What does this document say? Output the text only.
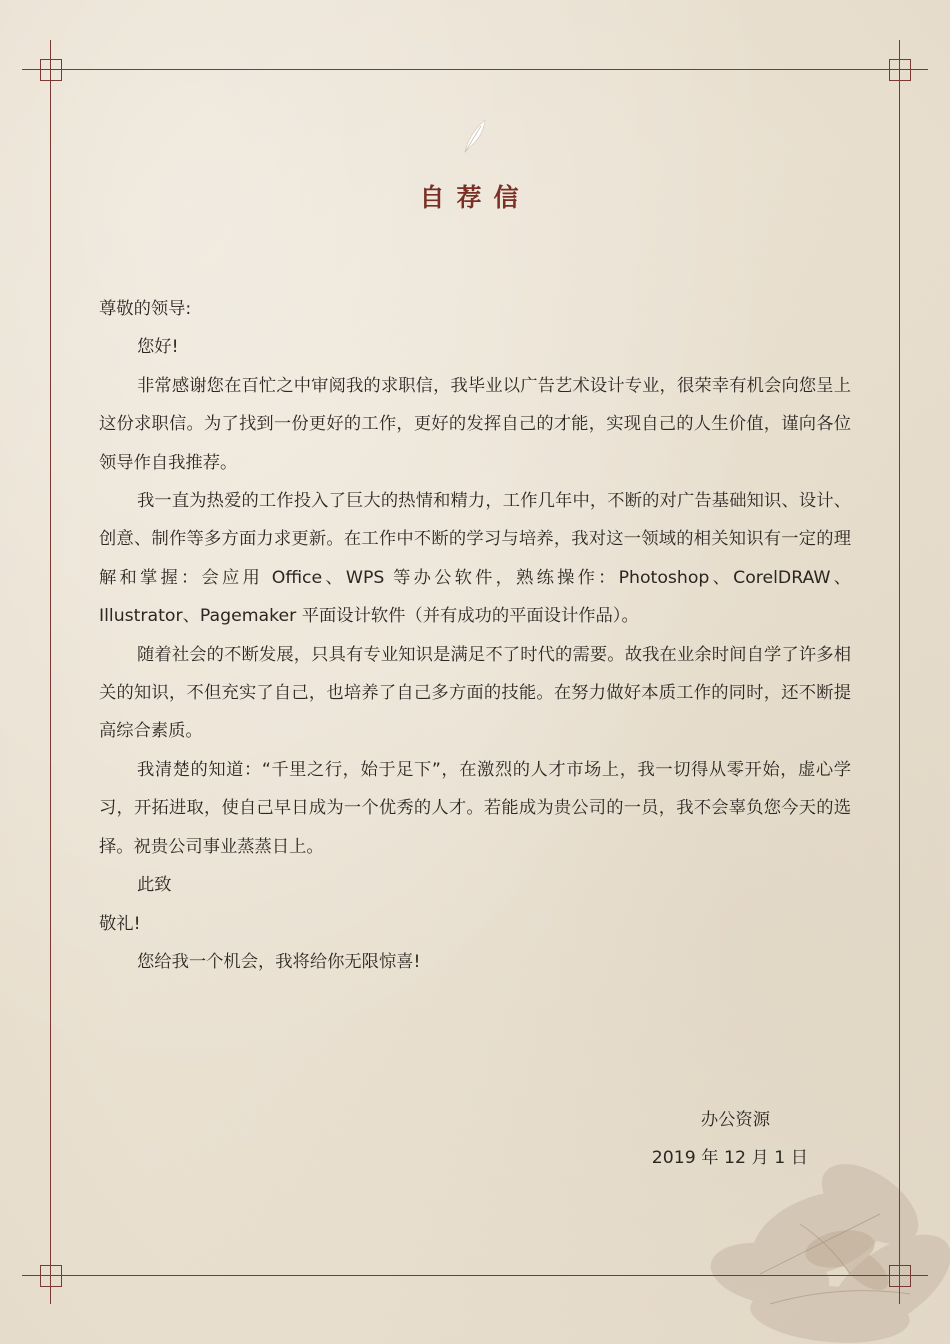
自荐信

尊敬的领导:

您好!

非常感谢您在百忙之中审阅我的求职信，我毕业以广告艺术设计专业，很荣幸有机会向您呈上这份求职信。为了找到一份更好的工作，更好的发挥自己的才能，实现自己的人生价值，谨向各位领导作自我推荐。

我一直为热爱的工作投入了巨大的热情和精力，工作几年中，不断的对广告基础知识、设计、创意、制作等多方面力求更新。在工作中不断的学习与培养，我对这一领域的相关知识有一定的理解和掌握：会应用 Office、WPS 等办公软件，熟练操作：Photoshop、CorelDRAW、Illustrator、Pagemaker 平面设计软件（并有成功的平面设计作品）。

随着社会的不断发展，只具有专业知识是满足不了时代的需要。故我在业余时间自学了许多相关的知识，不但充实了自己，也培养了自己多方面的技能。在努力做好本质工作的同时，还不断提高综合素质。

我清楚的知道：“千里之行，始于足下”，在激烈的人才市场上，我一切得从零开始，虚心学习，开拓进取，使自己早日成为一个优秀的人才。若能成为贵公司的一员，我不会辜负您今天的选择。祝贵公司事业蒸蒸日上。

此致

敬礼!

您给我一个机会，我将给你无限惊喜!

办公资源
2019 年 12 月 1 日
